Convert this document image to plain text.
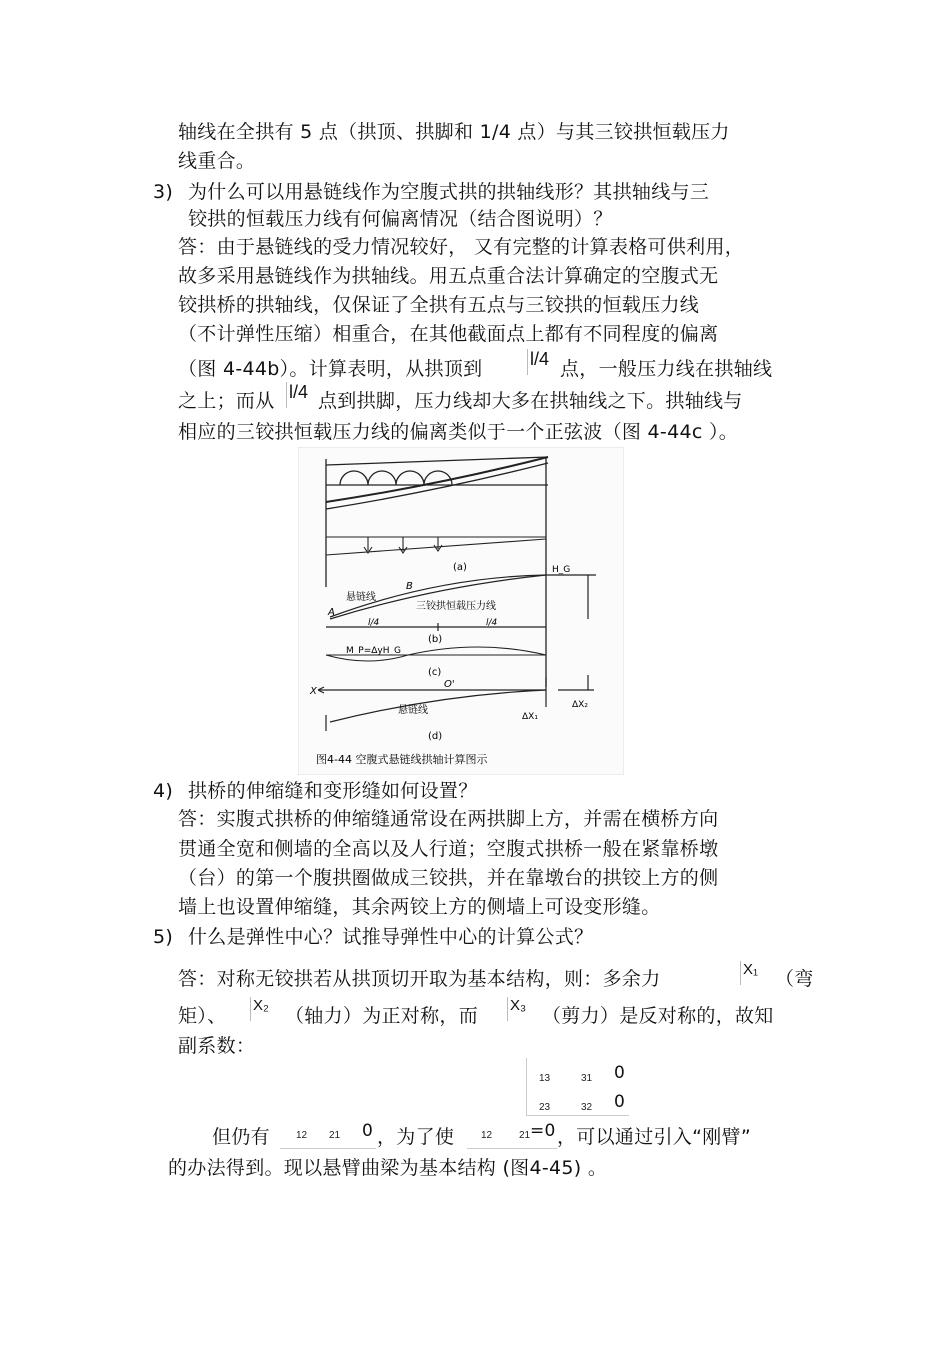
轴线在全拱有 5 点（拱顶、拱脚和 1/4 点）与其三铰拱恒载压力
线重合。
3) 为什么可以用悬链线作为空腹式拱的拱轴线形？其拱轴线与三
铰拱的恒载压力线有何偏离情况（结合图说明）？
答：由于悬链线的受力情况较好， 又有完整的计算表格可供利用，
故多采用悬链线作为拱轴线。用五点重合法计算确定的空腹式无
铰拱桥的拱轴线，仅保证了全拱有五点与三铰拱的恒载压力线
（不计弹性压缩）相重合，在其他截面点上都有不同程度的偏离
（图 4-44b）。计算表明，从拱顶到	l/4 点，一般压力线在拱轴线
之上；而从 l/4 点到拱脚，压力线却大多在拱轴线之下。拱轴线与
相应的三铰拱恒载压力线的偏离类似于一个正弦波（图 4-44c ）。
(a)
A
B
悬链线
三铰拱恒载压力线
H_G
l/4	l/4
(b)
M_P=ΔyH_G
(c)
X
O'
悬链线
ΔX₁
ΔX₂
(d)
图4-44 空腹式悬链线拱轴计算图示
4) 拱桥的伸缩缝和变形缝如何设置？
答：实腹式拱桥的伸缩缝通常设在两拱脚上方，并需在横桥方向
贯通全宽和侧墙的全高以及人行道；空腹式拱桥一般在紧靠桥墩
（台）的第一个腹拱圈做成三铰拱，并在靠墩台的拱铰上方的侧
墙上也设置伸缩缝，其余两铰上方的侧墙上可设变形缝。
5) 什么是弹性中心？试推导弹性中心的计算公式？
答：对称无铰拱若从拱顶切开取为基本结构，则：多余力	X₁ （弯
矩）、 X₂ （轴力）为正对称，而 X₃ （剪力）是反对称的，故知
副系数：
13	31 0
23	32 0
但仍有	12 21 0 ，为了使	12	21 =0 ，可以通过引入“刚臂”
的办法得到。现以悬臂曲梁为基本结构 (图4-45) 。
